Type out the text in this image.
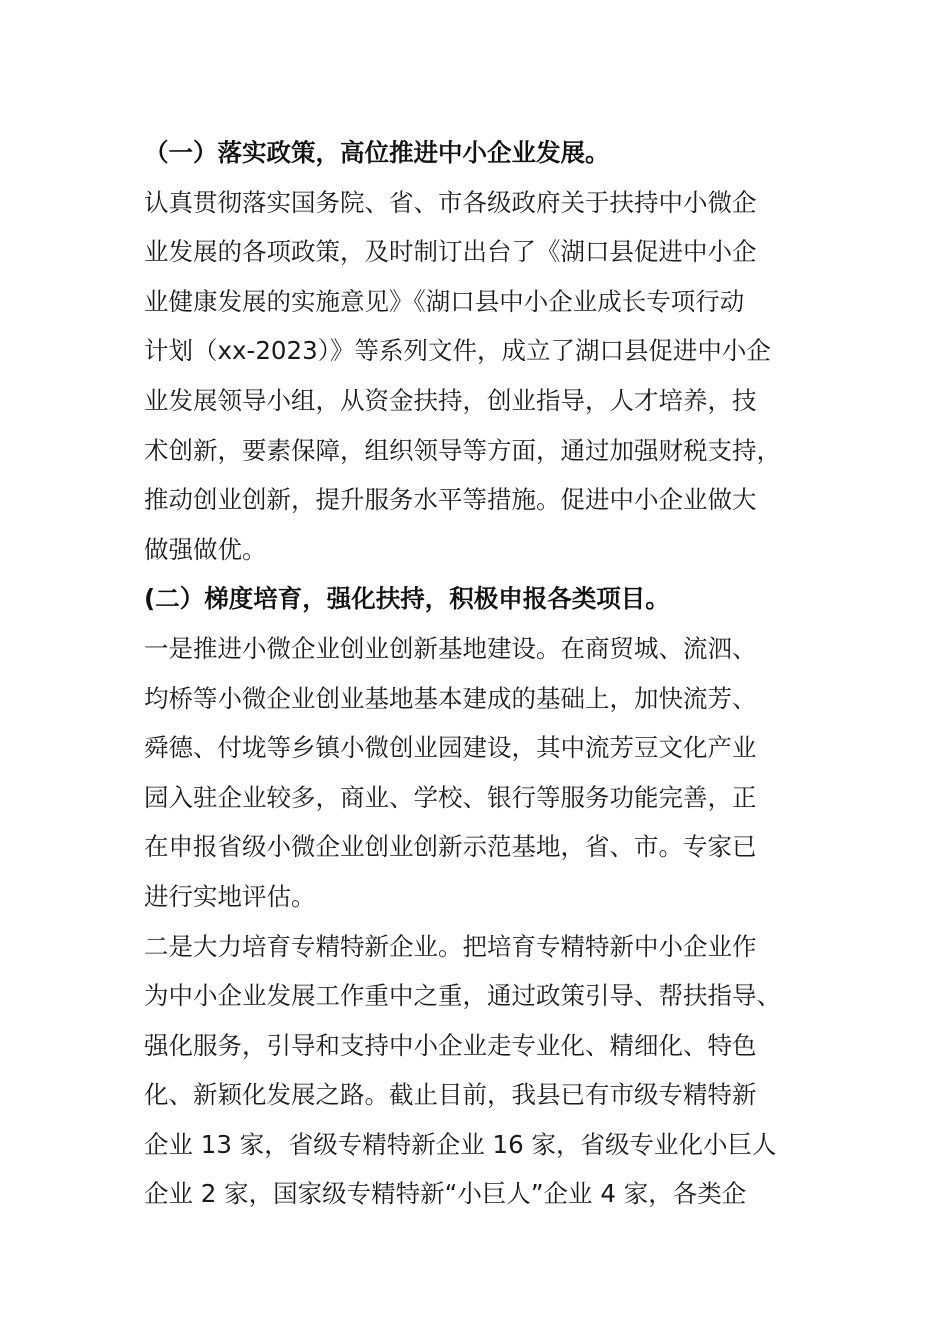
（一）落实政策，高位推进中小企业发展。
认真贯彻落实国务院、省、市各级政府关于扶持中小微企
业发展的各项政策，及时制订出台了《湖口县促进中小企
业健康发展的实施意见》《湖口县中小企业成长专项行动
计划（xx-2023）》等系列文件，成立了湖口县促进中小企
业发展领导小组，从资金扶持，创业指导，人才培养，技
术创新，要素保障，组织领导等方面，通过加强财税支持，
推动创业创新，提升服务水平等措施。促进中小企业做大
做强做优。
(二）梯度培育，强化扶持，积极申报各类项目。
一是推进小微企业创业创新基地建设。在商贸城、流泗、
均桥等小微企业创业基地基本建成的基础上，加快流芳、
舜德、付垅等乡镇小微创业园建设，其中流芳豆文化产业
园入驻企业较多，商业、学校、银行等服务功能完善，正
在申报省级小微企业创业创新示范基地，省、市。专家已
进行实地评估。
二是大力培育专精特新企业。把培育专精特新中小企业作
为中小企业发展工作重中之重，通过政策引导、帮扶指导、
强化服务，引导和支持中小企业走专业化、精细化、特色
化、新颖化发展之路。截止目前，我县已有市级专精特新
企业 13 家，省级专精特新企业 16 家，省级专业化小巨人
企业 2 家，国家级专精特新“小巨人”企业 4 家，各类企
